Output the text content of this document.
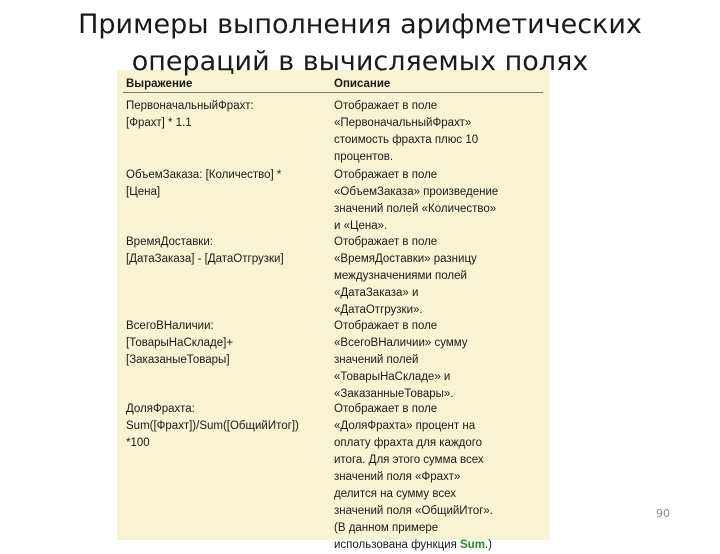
Примеры выполнения арифметических операций в вычисляемых полях
Выражение	Описание
ПервоначальныйФрахт:
[Фрахт] * 1.1
Отображает в поле
«ПервоначальныйФрахт»
стоимость фрахта плюс 10
процентов.
ОбъемЗаказа: [Количество] *
[Цена]
Отображает в поле
«ОбъемЗаказа» произведение
значений полей «Количество»
и «Цена».
ВремяДоставки:
[ДатаЗаказа] - [ДатаОтгрузки]
Отображает в поле
«ВремяДоставки» разницу
междузначениями полей
«ДатаЗаказа» и
«ДатаОтгрузки».
ВсегоВНаличии:
[ТоварыНаСкладе]+[ЗаказаныеТовары]
Отображает в поле
«ВсегоВНаличии» сумму
значений полей
«ТоварыНаСкладе» и
«ЗаказанныеТовары».
ДоляФрахта:
Sum([Фрахт])/Sum([ОбщийИтог])
*100
Отображает в поле
«ДоляФрахта» процент на
оплату фрахта для каждого
итога. Для этого сумма всех
значений поля «Фрахт»
делится на сумму всех
значений поля «ОбщийИтог».
(В данном примере
использована функция Sum.)
90
